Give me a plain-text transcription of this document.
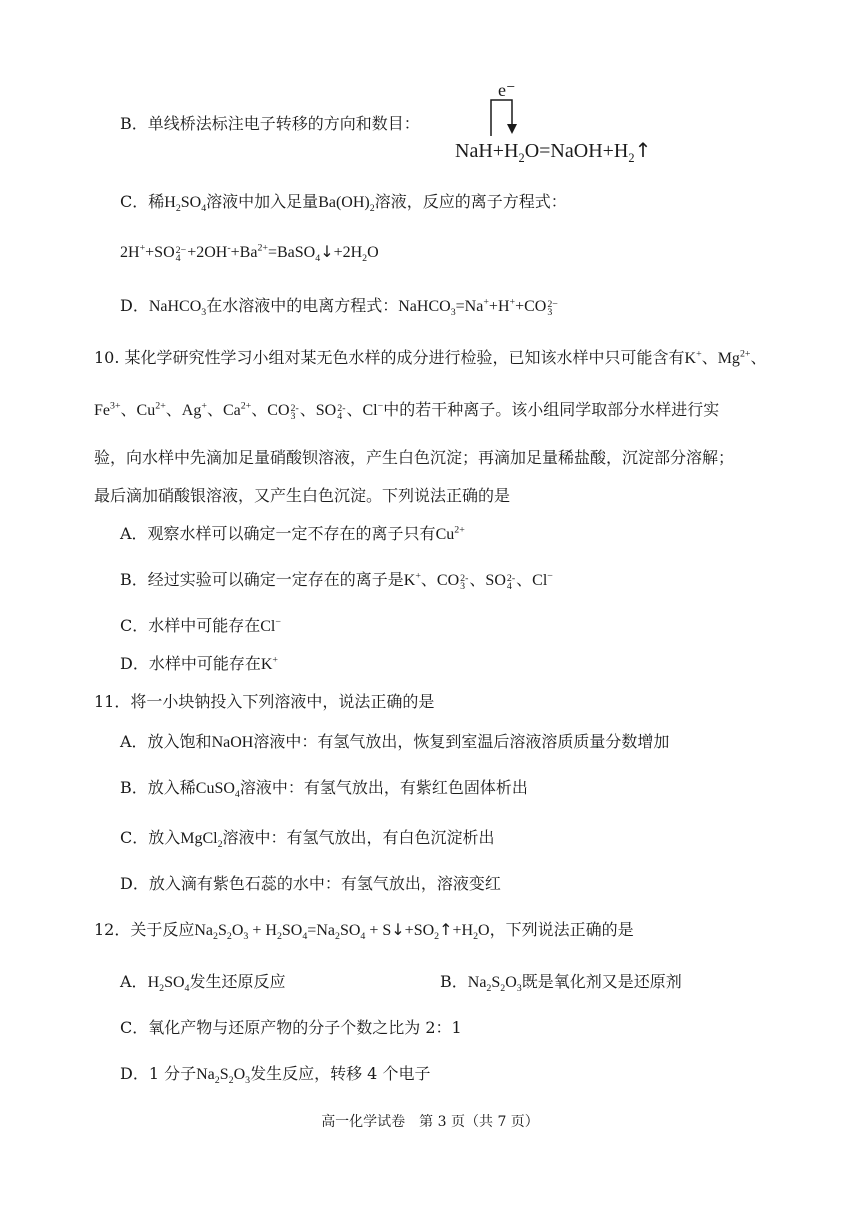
B．单线桥法标注电子转移的方向和数目：
e⁻
$NaH+H_2O=NaOH+H_2↑$
C．稀$H_2SO_4$溶液中加入足量$Ba(OH)_2$溶液，反应的离子方程式：
2H++SO 2−
$4 +2OH^-+Ba^{2+}=BaSO_4↓+2H_2O$
D．NaHCO$_3$在水溶液中的电离方程式：NaHCO$_3$=Na++H++CO 2−
3
10. 某化学研究性学习小组对某无色水样的成分进行检验，已知该水样中只可能含有K+、$Mg^{2+}$、
$Fe^{3+}$、$Cu^{2+}$、Ag+、$Ca^{2+}$、CO 2-
3 、SO 2-
4 、Cl−中的若干种离子。该小组同学取部分水样进行实
验，向水样中先滴加足量硝酸钡溶液，产生白色沉淀；再滴加足量稀盐酸，沉淀部分溶解；
最后滴加硝酸银溶液，又产生白色沉淀。下列说法正确的是
A．观察水样可以确定一定不存在的离子只有$Cu^{2+}$
B．经过实验可以确定一定存在的离子是K+、CO 2-
3 、SO 2-
4 、Cl−
C．水样中可能存在Cl−
D．水样中可能存在K+
11．将一小块钠投入下列溶液中，说法正确的是
A．放入饱和NaOH溶液中：有氢气放出，恢复到室温后溶液溶质质量分数增加
B．放入稀CuSO$_4$溶液中：有氢气放出，有紫红色固体析出
C．放入MgCl$_2$溶液中：有氢气放出，有白色沉淀析出
D．放入滴有紫色石蕊的水中：有氢气放出，溶液变红
12．关于反应$Na_2S_2O_3 + H_2SO_4=Na_2SO_4$ + $S↓+SO_2↑+H_2O$，下列说法正确的是
A．$H_2SO_4$发生还原反应	B．$Na_2S_2O_3$既是氧化剂又是还原剂
C．氧化产物与还原产物的分子个数之比为 2：1
D．1 分子$Na_2S_2O_3$发生反应，转移 4 个电子
高一化学试卷　第 3 页（共 7 页）
